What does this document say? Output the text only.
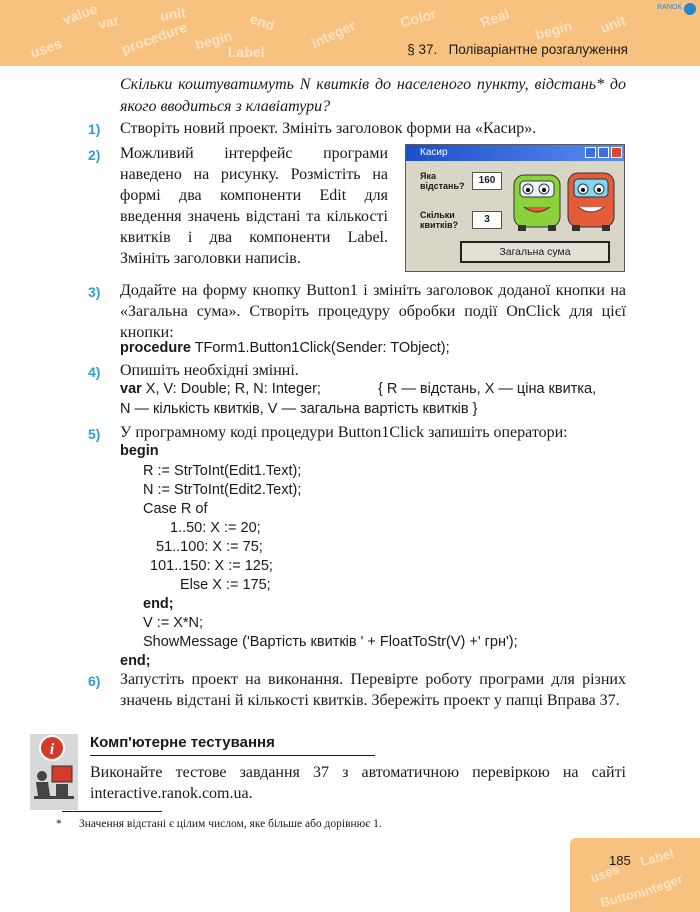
value
var	unit
procedure begin
end integer	Color	Real begin unit
uses	Label
RANOK
§ 37. Поліваріантне розгалуження
Скільки коштуватимуть N квитків до населеного пункту, відстань* до якого вводиться з клавіатури?
1) Створіть новий проект. Змініть заголовок форми на «Касир».
2) Можливий інтерфейс програми наведено на рисунку. Розмістіть на формі два компоненти Edit для введення значень відстані та кількості квитків і два компоненти Label. Змініть заголовки написів.
Касир
Яка відстань?	160
Скільки квитків?	3
Загальна сума
3) Додайте на форму кнопку Button1 і змініть заголовок доданої кнопки на «Загальна сума». Створіть процедуру обробки події OnClick для цієї кнопки:
procedure TForm1.Button1Click(Sender: TObject);
4) Опишіть необхідні змінні.
var X, V: Double; R, N: Integer;	{ R — відстань, X — ціна квитка,
N — кількість квитків, V — загальна вартість квитків }
5) У програмному коді процедури Button1Click запишіть оператори:
begin
R := StrToInt(Edit1.Text);
N := StrToInt(Edit2.Text);
Case R of
1..50: X := 20;
51..100: X := 75;
101..150: X := 125;
Else X := 175;
end;
V := X*N;
ShowMessage ('Вартість квитків ' + FloatToStr(V) +' грн');
end;
6) Запустіть проект на виконання. Перевірте роботу програми для різних значень відстані й кількості квитків. Збережіть проект у папці Вправа 37.
i Комп'ютерне тестування
Виконайте тестове завдання 37 з автоматичною перевіркою на сайті interactive.ranok.com.ua.
* Значення відстані є цілим числом, яке більше або дорівнює 1.
Label
uses integer
Button
185
